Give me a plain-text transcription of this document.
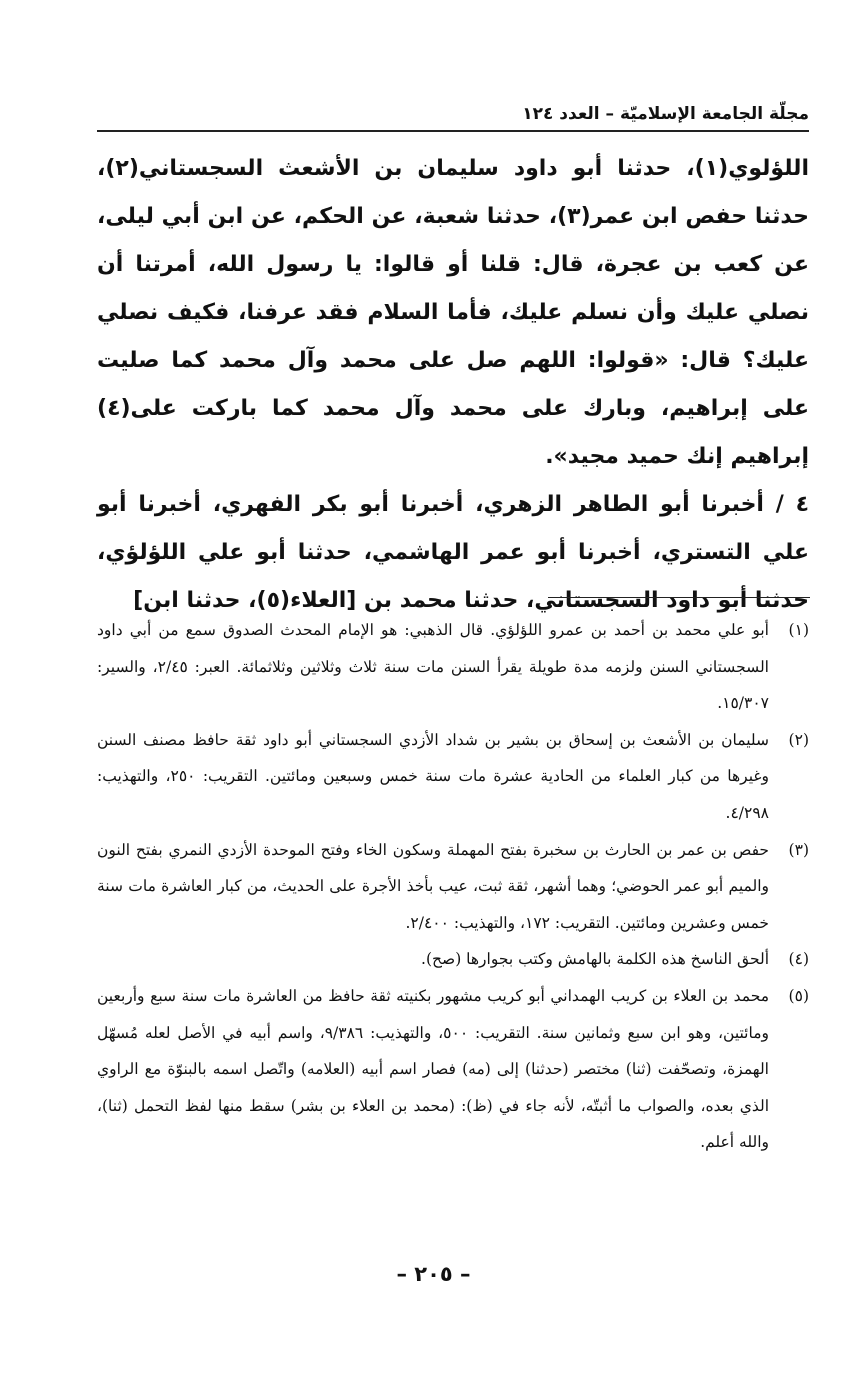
مجلّة الجامعة الإسلاميّة – العدد ١٢٤

اللؤلوي(١)، حدثنا أبو داود سليمان بن الأشعث السجستاني(٢)، حدثنا حفص ابن عمر(٣)، حدثنا شعبة، عن الحكم، عن ابن أبي ليلى، عن كعب بن عجرة، قال: قلنا أو قالوا: يا رسول الله، أمرتنا أن نصلي عليك وأن نسلم عليك، فأما السلام فقد عرفنا، فكيف نصلي عليك؟ قال: «قولوا: اللهم صل على محمد وآل محمد كما صليت على إبراهيم، وبارك على محمد وآل محمد كما باركت على(٤) إبراهيم إنك حميد مجيد».

٤ / أخبرنا أبو الطاهر الزهري، أخبرنا أبو بكر الفهري، أخبرنا أبو علي التستري، أخبرنا أبو عمر الهاشمي، حدثنا أبو علي اللؤلؤي، حدثنا أبو داود السجستاني، حدثنا محمد بن [العلاء(٥)، حدثنا ابن]

(١)
أبو علي محمد بن أحمد بن عمرو اللؤلؤي. قال الذهبي: هو الإمام المحدث الصدوق سمع من أبي داود السجستاني السنن ولزمه مدة طويلة يقرأ السنن مات سنة ثلاث وثلاثين وثلاثمائة. العبر: ٢/٤٥، والسير: ١٥/٣٠٧.

(٢)
سليمان بن الأشعث بن إسحاق بن بشير بن شداد الأزدي السجستاني أبو داود ثقة حافظ مصنف السنن وغيرها من كبار العلماء من الحادية عشرة مات سنة خمس وسبعين ومائتين. التقريب: ٢٥٠، والتهذيب: ٤/٢٩٨.

(٣)
حفص بن عمر بن الحارث بن سخبرة بفتح المهملة وسكون الخاء وفتح الموحدة الأزدي النمري بفتح النون والميم أبو عمر الحوضي؛ وهما أشهر، ثقة ثبت، عيب بأخذ الأجرة على الحديث، من كبار العاشرة مات سنة خمس وعشرين ومائتين. التقريب: ١٧٢، والتهذيب: ٢/٤٠٠.

(٤)
ألحق الناسخ هذه الكلمة بالهامش وكتب بجوارها (صح).

(٥)
محمد بن العلاء بن كريب الهمداني أبو كريب مشهور بكنيته ثقة حافظ من العاشرة مات سنة سبع وأربعين ومائتين، وهو ابن سبع وثمانين سنة. التقريب: ٥٠٠، والتهذيب: ٩/٣٨٦، واسم أبيه في الأصل لعله مُسهّل الهمزة، وتصحّفت (ثنا) مختصر (حدثنا) إلى (مه) فصار اسم أبيه (العلامه) واتّصل اسمه بالبنوّة مع الراوي الذي بعده، والصواب ما أثبتّه، لأنه جاء في (ظ): (محمد بن العلاء بن بشر) سقط منها لفظ التحمل (ثنا)، والله أعلم.

– ٢٠٥ –
